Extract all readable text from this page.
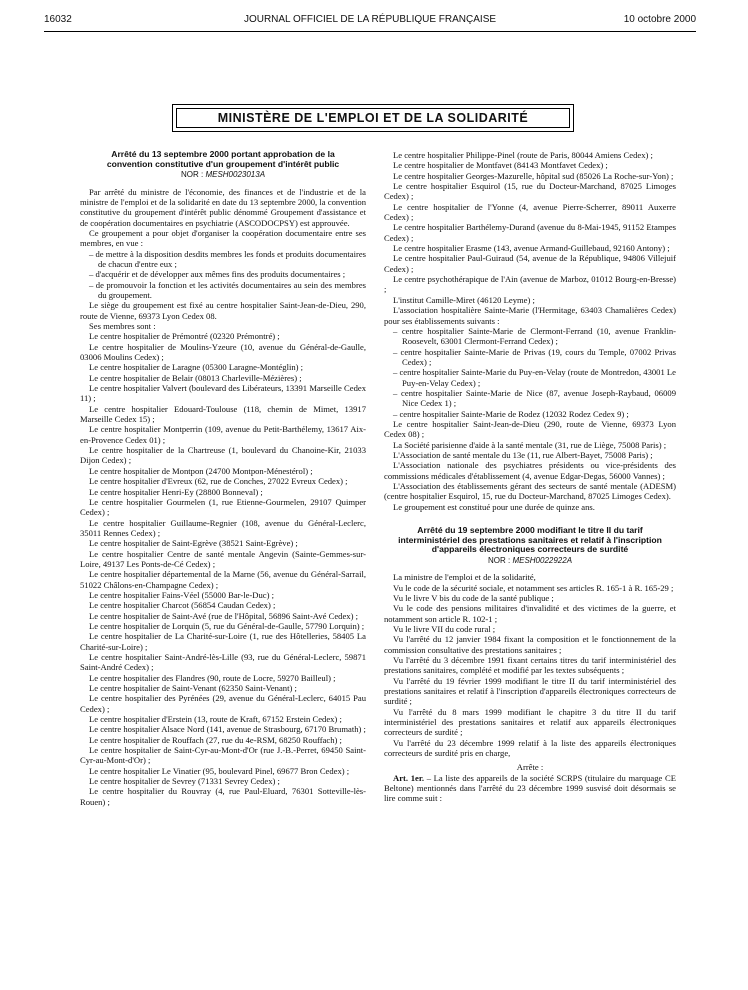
16032	JOURNAL OFFICIEL DE LA RÉPUBLIQUE FRANÇAISE	10 octobre 2000
MINISTÈRE DE L'EMPLOI ET DE LA SOLIDARITÉ
Arrêté du 13 septembre 2000 portant approbation de la convention constitutive d'un groupement d'intérêt public
NOR : MESH0023013A

Par arrêté du ministre de l'économie, des finances et de l'industrie et de la ministre de l'emploi et de la solidarité en date du 13 septembre 2000, la convention constitutive du groupement d'intérêt public dénommé Groupement d'assistance et de coopération documentaires en psychiatrie (ASCODOCPSY) est approuvée.

Ce groupement a pour objet d'organiser la coopération documentaire entre ses membres, en vue :

– de mettre à la disposition desdits membres les fonds et produits documentaires de chacun d'entre eux ;

– d'acquérir et de développer aux mêmes fins des produits documentaires ;

– de promouvoir la fonction et les activités documentaires au sein des membres du groupement.

Le siège du groupement est fixé au centre hospitalier Saint-Jean-de-Dieu, 290, route de Vienne, 69373 Lyon Cedex 08.

Ses membres sont :

Le centre hospitalier de Prémontré (02320 Prémontré) ;

Le centre hospitalier de Moulins-Yzeure (10, avenue du Général-de-Gaulle, 03006 Moulins Cedex) ;

Le centre hospitalier de Laragne (05300 Laragne-Montéglin) ;

Le centre hospitalier de Belair (08013 Charleville-Mézières) ;

Le centre hospitalier Valvert (boulevard des Libérateurs, 13391 Marseille Cedex 11) ;

Le centre hospitalier Edouard-Toulouse (118, chemin de Mimet, 13917 Marseille Cedex 15) ;

Le centre hospitalier Montperrin (109, avenue du Petit-Barthélemy, 13617 Aix-en-Provence Cedex 01) ;

Le centre hospitalier de la Chartreuse (1, boulevard du Chanoine-Kir, 21033 Dijon Cedex) ;

Le centre hospitalier de Montpon (24700 Montpon-Ménestérol) ;

Le centre hospitalier d'Evreux (62, rue de Conches, 27022 Evreux Cedex) ;

Le centre hospitalier Henri-Ey (28800 Bonneval) ;

Le centre hospitalier Gourmelen (1, rue Etienne-Gourmelen, 29107 Quimper Cedex) ;

Le centre hospitalier Guillaume-Regnier (108, avenue du Général-Leclerc, 35011 Rennes Cedex) ;

Le centre hospitalier de Saint-Egrève (38521 Saint-Egrève) ;

Le centre hospitalier Centre de santé mentale Angevin (Sainte-Gemmes-sur-Loire, 49137 Les Ponts-de-Cé Cedex) ;

Le centre hospitalier départemental de la Marne (56, avenue du Général-Sarrail, 51022 Châlons-en-Champagne Cedex) ;

Le centre hospitalier Fains-Véel (55000 Bar-le-Duc) ;

Le centre hospitalier Charcot (56854 Caudan Cedex) ;

Le centre hospitalier de Saint-Avé (rue de l'Hôpital, 56896 Saint-Avé Cedex) ;

Le centre hospitalier de Lorquin (5, rue du Général-de-Gaulle, 57790 Lorquin) ;

Le centre hospitalier de La Charité-sur-Loire (1, rue des Hôtelleries, 58405 La Charité-sur-Loire) ;

Le centre hospitalier Saint-André-lès-Lille (93, rue du Général-Leclerc, 59871 Saint-André Cedex) ;

Le centre hospitalier des Flandres (90, route de Locre, 59270 Bailleul) ;

Le centre hospitalier de Saint-Venant (62350 Saint-Venant) ;

Le centre hospitalier des Pyrénées (29, avenue du Général-Leclerc, 64015 Pau Cedex) ;

Le centre hospitalier d'Erstein (13, route de Kraft, 67152 Erstein Cedex) ;

Le centre hospitalier Alsace Nord (141, avenue de Strasbourg, 67170 Brumath) ;

Le centre hospitalier de Rouffach (27, rue du 4e-RSM, 68250 Rouffach) ;

Le centre hospitalier de Saint-Cyr-au-Mont-d'Or (rue J.-B.-Perret, 69450 Saint-Cyr-au-Mont-d'Or) ;

Le centre hospitalier Le Vinatier (95, boulevard Pinel, 69677 Bron Cedex) ;

Le centre hospitalier de Sevrey (71331 Sevrey Cedex) ;

Le centre hospitalier du Rouvray (4, rue Paul-Eluard, 76301 Sotteville-lès-Rouen) ;

Le centre hospitalier Philippe-Pinel (route de Paris, 80044 Amiens Cedex) ;

Le centre hospitalier de Montfavet (84143 Montfavet Cedex) ;

Le centre hospitalier Georges-Mazurelle, hôpital sud (85026 La Roche-sur-Yon) ;

Le centre hospitalier Esquirol (15, rue du Docteur-Marchand, 87025 Limoges Cedex) ;

Le centre hospitalier de l'Yonne (4, avenue Pierre-Scherrer, 89011 Auxerre Cedex) ;

Le centre hospitalier Barthélemy-Durand (avenue du 8-Mai-1945, 91152 Etampes Cedex) ;

Le centre hospitalier Erasme (143, avenue Armand-Guillebaud, 92160 Antony) ;

Le centre hospitalier Paul-Guiraud (54, avenue de la République, 94806 Villejuif Cedex) ;

Le centre psychothérapique de l'Ain (avenue de Marboz, 01012 Bourg-en-Bresse) ;

L'institut Camille-Miret (46120 Leyme) ;

L'association hospitalière Sainte-Marie (l'Hermitage, 63403 Chamalières Cedex) pour ses établissements suivants :

– centre hospitalier Sainte-Marie de Clermont-Ferrand (10, avenue Franklin-Roosevelt, 63001 Clermont-Ferrand Cedex) ;

– centre hospitalier Sainte-Marie de Privas (19, cours du Temple, 07002 Privas Cedex) ;

– centre hospitalier Sainte-Marie du Puy-en-Velay (route de Montredon, 43001 Le Puy-en-Velay Cedex) ;

– centre hospitalier Sainte-Marie de Nice (87, avenue Joseph-Raybaud, 06009 Nice Cedex 1) ;

– centre hospitalier Sainte-Marie de Rodez (12032 Rodez Cedex 9) ;

Le centre hospitalier Saint-Jean-de-Dieu (290, route de Vienne, 69373 Lyon Cedex 08) ;

La Société parisienne d'aide à la santé mentale (31, rue de Liège, 75008 Paris) ;

L'Association de santé mentale du 13e (11, rue Albert-Bayet, 75008 Paris) ;

L'Association nationale des psychiatres présidents ou vice-présidents des commissions médicales d'établissement (4, avenue Edgar-Degas, 56000 Vannes) ;

L'Association des établissements gérant des secteurs de santé mentale (ADESM) (centre hospitalier Esquirol, 15, rue du Docteur-Marchand, 87025 Limoges Cedex).

Le groupement est constitué pour une durée de quinze ans.

Arrêté du 19 septembre 2000 modifiant le titre II du tarif interministériel des prestations sanitaires et relatif à l'inscription d'appareils électroniques correcteurs de surdité
NOR : MESH0022922A

La ministre de l'emploi et de la solidarité,

Vu le code de la sécurité sociale, et notamment ses articles R. 165-1 à R. 165-29 ;

Vu le livre V bis du code de la santé publique ;

Vu le code des pensions militaires d'invalidité et des victimes de la guerre, et notamment son article R. 102-1 ;

Vu le livre VII du code rural ;

Vu l'arrêté du 12 janvier 1984 fixant la composition et le fonctionnement de la commission consultative des prestations sanitaires ;

Vu l'arrêté du 3 décembre 1991 fixant certains titres du tarif interministériel des prestations sanitaires, complété et modifié par les textes subséquents ;

Vu l'arrêté du 19 février 1999 modifiant le titre II du tarif interministériel des prestations sanitaires et relatif à l'inscription d'appareils électroniques correcteurs de surdité ;

Vu l'arrêté du 8 mars 1999 modifiant le chapitre 3 du titre II du tarif interministériel des prestations sanitaires et relatif aux appareils électroniques correcteurs de surdité ;

Vu l'arrêté du 23 décembre 1999 relatif à la liste des appareils électroniques correcteurs de surdité pris en charge,

Arrête :

Art. 1er. – La liste des appareils de la société SCRPS (titulaire du marquage CE Beltone) mentionnés dans l'arrêté du 23 décembre 1999 susvisé doit désormais se lire comme suit :
